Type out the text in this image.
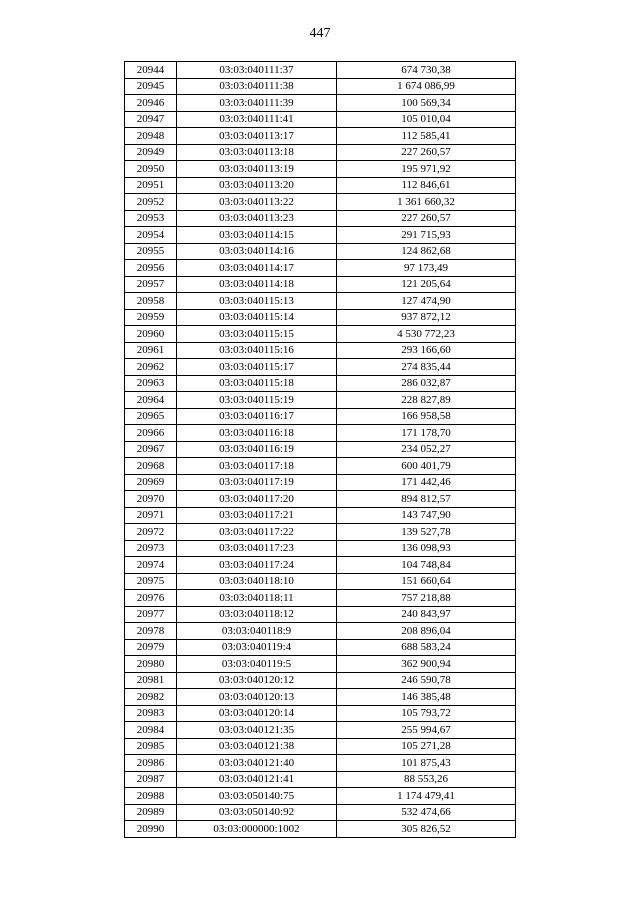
447
20944	03:03:040111:37	674 730,38
20945	03:03:040111:38	1 674 086,99
20946	03:03:040111:39	100 569,34
20947	03:03:040111:41	105 010,04
20948	03:03:040113:17	112 585,41
20949	03:03:040113:18	227 260,57
20950	03:03:040113:19	195 971,92
20951	03:03:040113:20	112 846,61
20952	03:03:040113:22	1 361 660,32
20953	03:03:040113:23	227 260,57
20954	03:03:040114:15	291 715,93
20955	03:03:040114:16	124 862,68
20956	03:03:040114:17	97 173,49
20957	03:03:040114:18	121 205,64
20958	03:03:040115:13	127 474,90
20959	03:03:040115:14	937 872,12
20960	03:03:040115:15	4 530 772,23
20961	03:03:040115:16	293 166,60
20962	03:03:040115:17	274 835,44
20963	03:03:040115:18	286 032,87
20964	03:03:040115:19	228 827,89
20965	03:03:040116:17	166 958,58
20966	03:03:040116:18	171 178,70
20967	03:03:040116:19	234 052,27
20968	03:03:040117:18	600 401,79
20969	03:03:040117:19	171 442,46
20970	03:03:040117:20	894 812,57
20971	03:03:040117:21	143 747,90
20972	03:03:040117:22	139 527,78
20973	03:03:040117:23	136 098,93
20974	03:03:040117:24	104 748,84
20975	03:03:040118:10	151 660,64
20976	03:03:040118:11	757 218,88
20977	03:03:040118:12	240 843,97
20978	03:03:040118:9	208 896,04
20979	03:03:040119:4	688 583,24
20980	03:03:040119:5	362 900,94
20981	03:03:040120:12	246 590,78
20982	03:03:040120:13	146 385,48
20983	03:03:040120:14	105 793,72
20984	03:03:040121:35	255 994,67
20985	03:03:040121:38	105 271,28
20986	03:03:040121:40	101 875,43
20987	03:03:040121:41	88 553,26
20988	03:03:050140:75	1 174 479,41
20989	03:03:050140:92	532 474,66
20990	03:03:000000:1002	305 826,52
